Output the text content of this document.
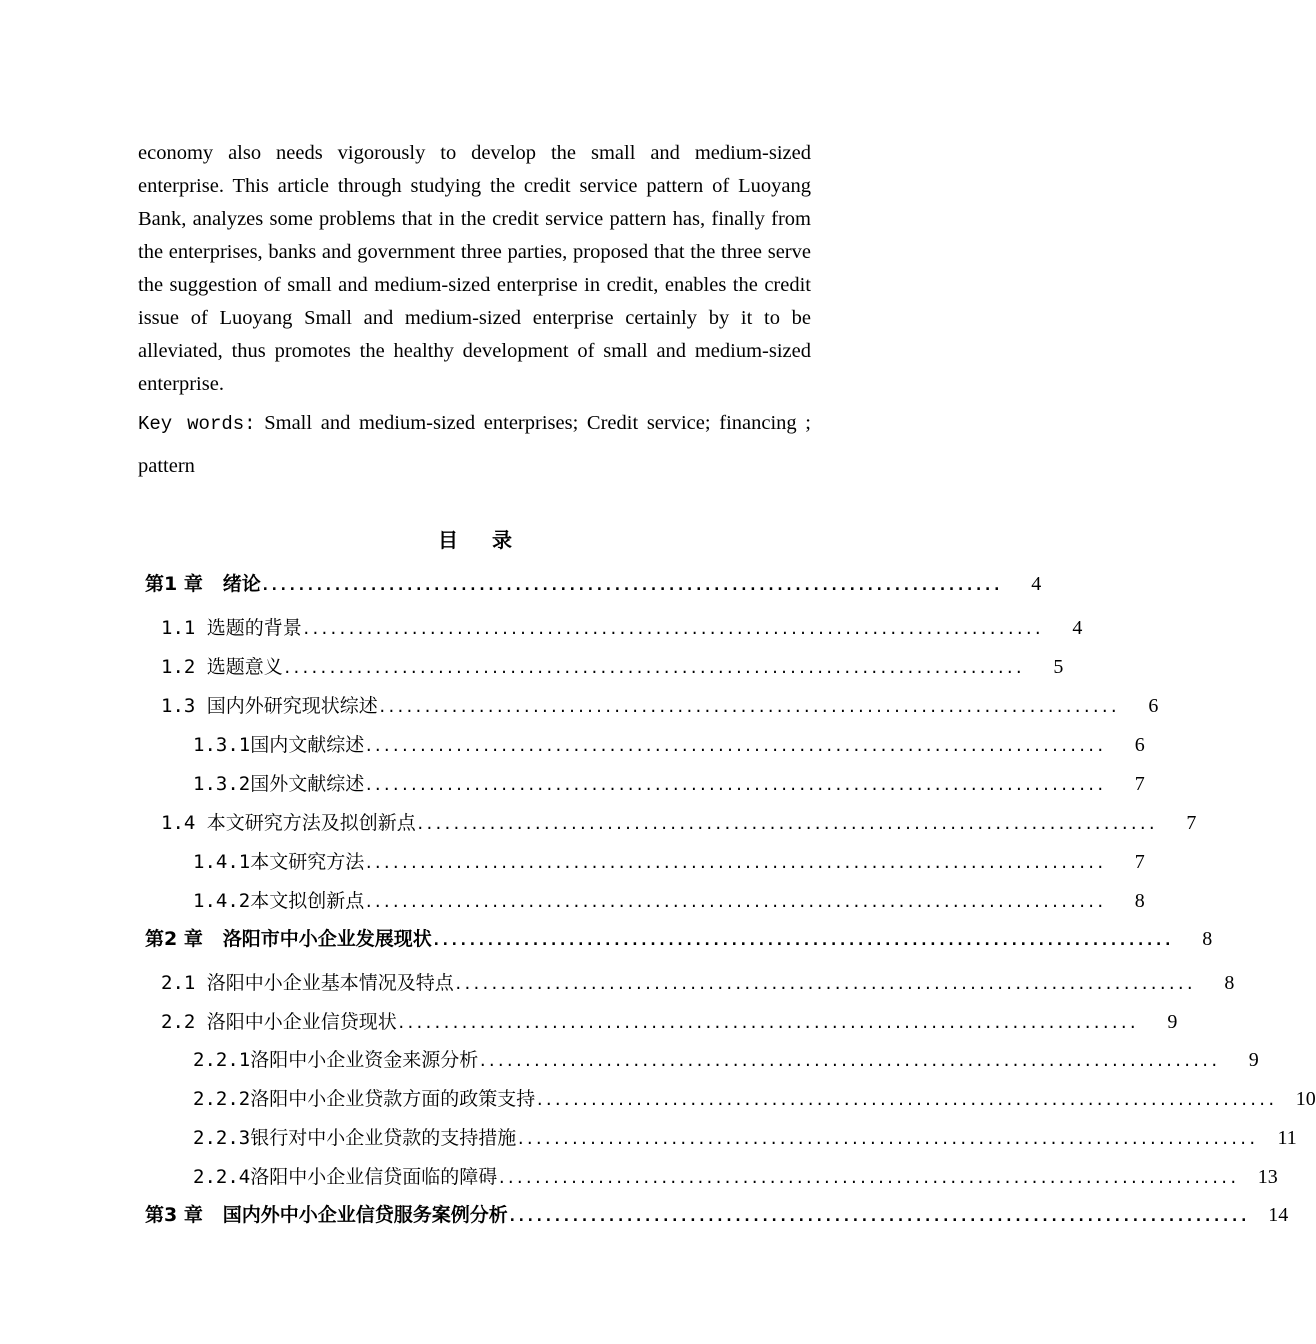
economy also needs vigorously to develop the small and medium-sized enterprise. This article through studying the credit service pattern of Luoyang Bank, analyzes some problems that in the credit service pattern has, finally from the enterprises, banks and government three parties, proposed that the three serve the suggestion of small and medium-sized enterprise in credit, enables the credit issue of Luoyang Small and medium-sized enterprise certainly by it to be alleviated, thus promotes the healthy development of small and medium-sized enterprise.

Key words: Small and medium-sized enterprises; Credit service; financing ; pattern

目录
第1 章 绪论 ..................................................................................	4
1.1 选题的背景 ..................................................................................	4
1.2 选题意义 ..................................................................................	5
1.3 国内外研究现状综述 ..................................................................................	6
1.3.1国内文献综述 ..................................................................................	6
1.3.2国外文献综述 ..................................................................................	7
1.4 本文研究方法及拟创新点 ..................................................................................	7
1.4.1本文研究方法 ..................................................................................	7
1.4.2本文拟创新点 ..................................................................................	8
第2 章 洛阳市中小企业发展现状 ..................................................................................	8
2.1 洛阳中小企业基本情况及特点 ..................................................................................	8
2.2 洛阳中小企业信贷现状 ..................................................................................	9
2.2.1洛阳中小企业资金来源分析 ..................................................................................	9
2.2.2洛阳中小企业贷款方面的政策支持 ..................................................................................	10
2.2.3银行对中小企业贷款的支持措施 ..................................................................................	11
2.2.4洛阳中小企业信贷面临的障碍 ..................................................................................	13
第3 章 国内外中小企业信贷服务案例分析 ..................................................................................	14
